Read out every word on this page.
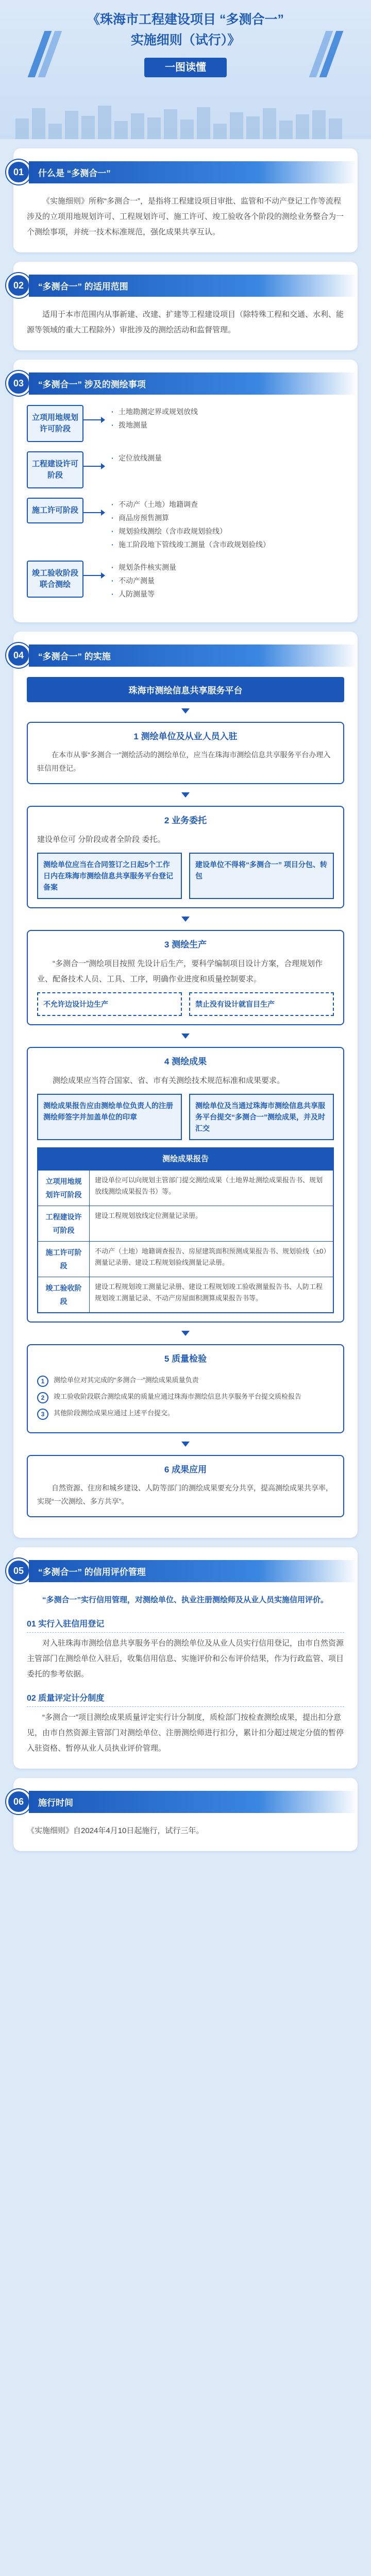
《珠海市工程建设项目 “多测合一”
实施细则（试行）》
一图读懂
01	什么是 “多测合一”

《实施细则》所称“多测合一”，是指将工程建设项目审批、监管和不动产登记工作等流程涉及的立项用地规划许可、工程规划许可、施工许可、竣工验收各个阶段的测绘业务整合为一个测绘事项，并统一技术标准规范，强化成果共享互认。

02	“多测合一” 的适用范围

适用于本市范围内从事新建、改建、扩建等工程建设项目（除特殊工程和交通、水利、能源等领域的重大工程除外）审批涉及的测绘活动和监督管理。

03	“多测合一” 涉及的测绘事项
立项用地规划许可阶段
· 土地勘测定界或规划放线
· 拨地测量
工程建设许可阶段
· 定位放线测量
施工许可阶段
· 不动产（土地）地籍调查
· 商品房预售测算
· 规划验线测绘（含市政规划验线）
· 施工阶段地下管线竣工测量（含市政规划验线）
竣工验收阶段联合测绘
· 规划条件核实测量
· 不动产测量
· 人防测量等
04	“多测合一” 的实施
珠海市测绘信息共享服务平台
1 测绘单位及从业人员入驻
在本市从事“多测合一”测绘活动的测绘单位，应当在珠海市测绘信息共享服务平台办理入驻信用登记。
2 业务委托

建设单位可 分阶段或者全阶段 委托。

测绘单位应当在合同签订之日起5个工作日内在珠海市测绘信息共享服务平台登记备案
建设单位不得将“多测合一” 项目分包、转包
3 测绘生产

“多测合一”测绘项目按照 先设计后生产，要科学编制项目设计方案，合理规划作业、配备技术人员、工具、工序，明确作业进度和质量控制要求。

不允许边设计边生产	禁止没有设计就盲目生产
4 测绘成果

测绘成果应当符合国家、省、市有关测绘技术规范标准和成果要求。

测绘成果报告应由测绘单位负责人的注册测绘师签字并加盖单位的印章
测绘单位及当通过珠海市测绘信息共享服务平台提交“多测合一”测绘成果，并及时汇交
测绘成果报告
立项用地规划许可阶段
建设单位可以向规划主管部门提交测绘成果（土地界址测绘成果报告书、规划放线测绘成果报告书）等。
工程建设许可阶段
建设工程规划放线定位测量记录册。
施工许可阶段
不动产（土地）地籍调查报告、房屋建筑面积预测成果报告书、规划验线（±0）测量记录册、建设工程规划验线测量记录册。
竣工验收阶段
建设工程规划竣工测量记录册、建设工程规划竣工验收测量报告书、人防工程规划竣工测量记录、不动产房屋面积测算成果报告书等。
5 质量检验
1	测绘单位对其完成的“多测合一”测绘成果质量负责
2	竣工验收阶段联合测绘成果的质量应通过珠海市测绘信息共享服务平台提交质检报告
3	其他阶段测绘成果应通过上述平台提交。
6 成果应用
自然资源、住房和城乡建设、人防等部门的测绘成果要充分共享，提高测绘成果共享率，实现“一次测绘、多方共享”。
05	“多测合一” 的信用评价管理

“多测合一”实行信用管理，对测绘单位、执业注册测绘师及从业人员实施信用评价。

01 实行入驻信用登记

对入驻珠海市测绘信息共享服务平台的测绘单位及从业人员实行信用登记，由市自然资源主管部门在测绘单位入驻后，收集信用信息、实施评价和公布评价结果，作为行政监管、项目委托的参考依据。

02 质量评定计分制度

“多测合一”项目测绘成果质量评定实行计分制度，质检部门按检查测绘成果，提出扣分意见，由市自然资源主管部门对测绘单位、注册测绘师进行扣分，累计扣分超过规定分值的暂停入驻资格、暂停从业人员执业评价管理。

06	施行时间

《实施细则》自2024年4月10日起施行，试行三年。
